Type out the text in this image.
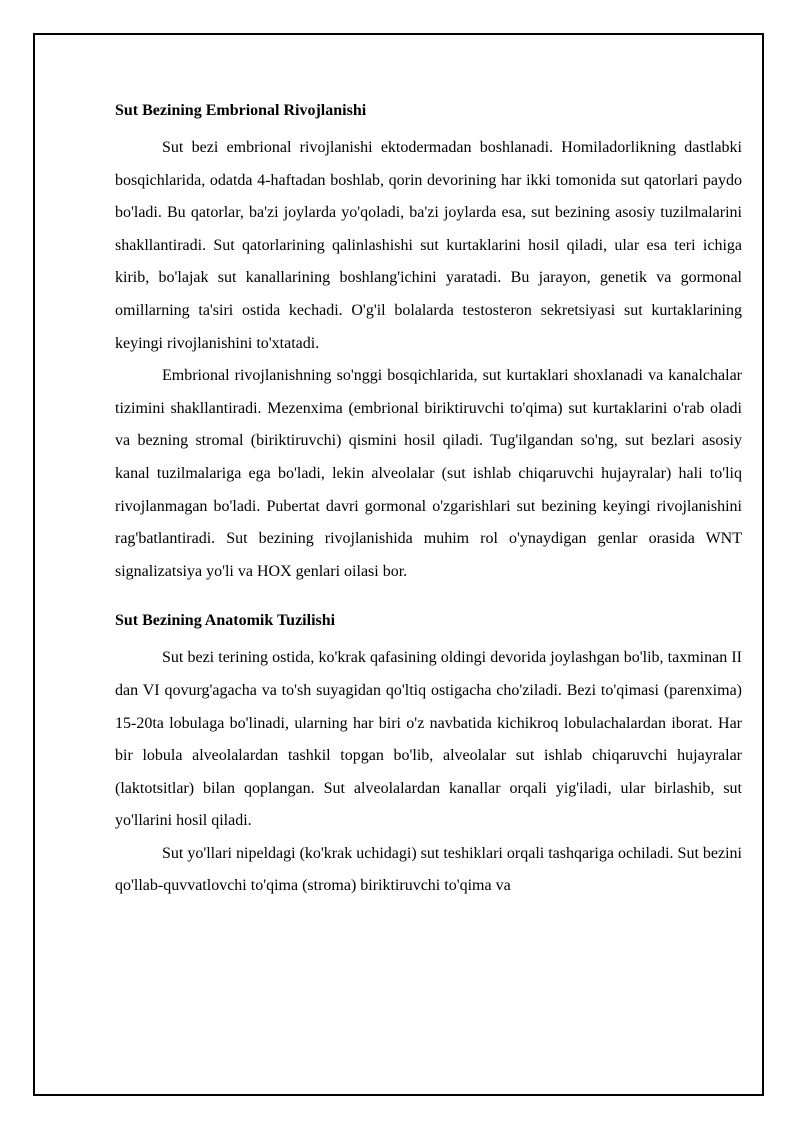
Sut Bezining Embrional Rivojlanishi

Sut bezi embrional rivojlanishi ektodermadan boshlanadi. Homiladorlikning dastlabki bosqichlarida, odatda 4-haftadan boshlab, qorin devorining har ikki tomonida sut qatorlari paydo bo'ladi. Bu qatorlar, ba'zi joylarda yo'qoladi, ba'zi joylarda esa, sut bezining asosiy tuzilmalarini shakllantiradi. Sut qatorlarining qalinlashishi sut kurtaklarini hosil qiladi, ular esa teri ichiga kirib, bo'lajak sut kanallarining boshlang'ichini yaratadi. Bu jarayon, genetik va gormonal omillarning ta'siri ostida kechadi. O'g'il bolalarda testosteron sekretsiyasi sut kurtaklarining keyingi rivojlanishini to'xtatadi.

Embrional rivojlanishning so'nggi bosqichlarida, sut kurtaklari shoxlanadi va kanalchalar tizimini shakllantiradi. Mezenxima (embrional biriktiruvchi to'qima) sut kurtaklarini o'rab oladi va bezning stromal (biriktiruvchi) qismini hosil qiladi. Tug'ilgandan so'ng, sut bezlari asosiy kanal tuzilmalariga ega bo'ladi, lekin alveolalar (sut ishlab chiqaruvchi hujayralar) hali to'liq rivojlanmagan bo'ladi. Pubertat davri gormonal o'zgarishlari sut bezining keyingi rivojlanishini rag'batlantiradi. Sut bezining rivojlanishida muhim rol o'ynaydigan genlar orasida WNT signalizatsiya yo'li va HOX genlari oilasi bor.

Sut Bezining Anatomik Tuzilishi

Sut bezi terining ostida, ko'krak qafasining oldingi devorida joylashgan bo'lib, taxminan II dan VI qovurg'agacha va to'sh suyagidan qo'ltiq ostigacha cho'ziladi. Bezi to'qimasi (parenxima) 15-20ta lobulaga bo'linadi, ularning har biri o'z navbatida kichikroq lobulachalardan iborat. Har bir lobula alveolalardan tashkil topgan bo'lib, alveolalar sut ishlab chiqaruvchi hujayralar (laktotsitlar) bilan qoplangan. Sut alveolalardan kanallar orqali yig'iladi, ular birlashib, sut yo'llarini hosil qiladi.

Sut yo'llari nipeldagi (ko'krak uchidagi) sut teshiklari orqali tashqariga ochiladi. Sut bezini qo'llab-quvvatlovchi to'qima (stroma) biriktiruvchi to'qima va
